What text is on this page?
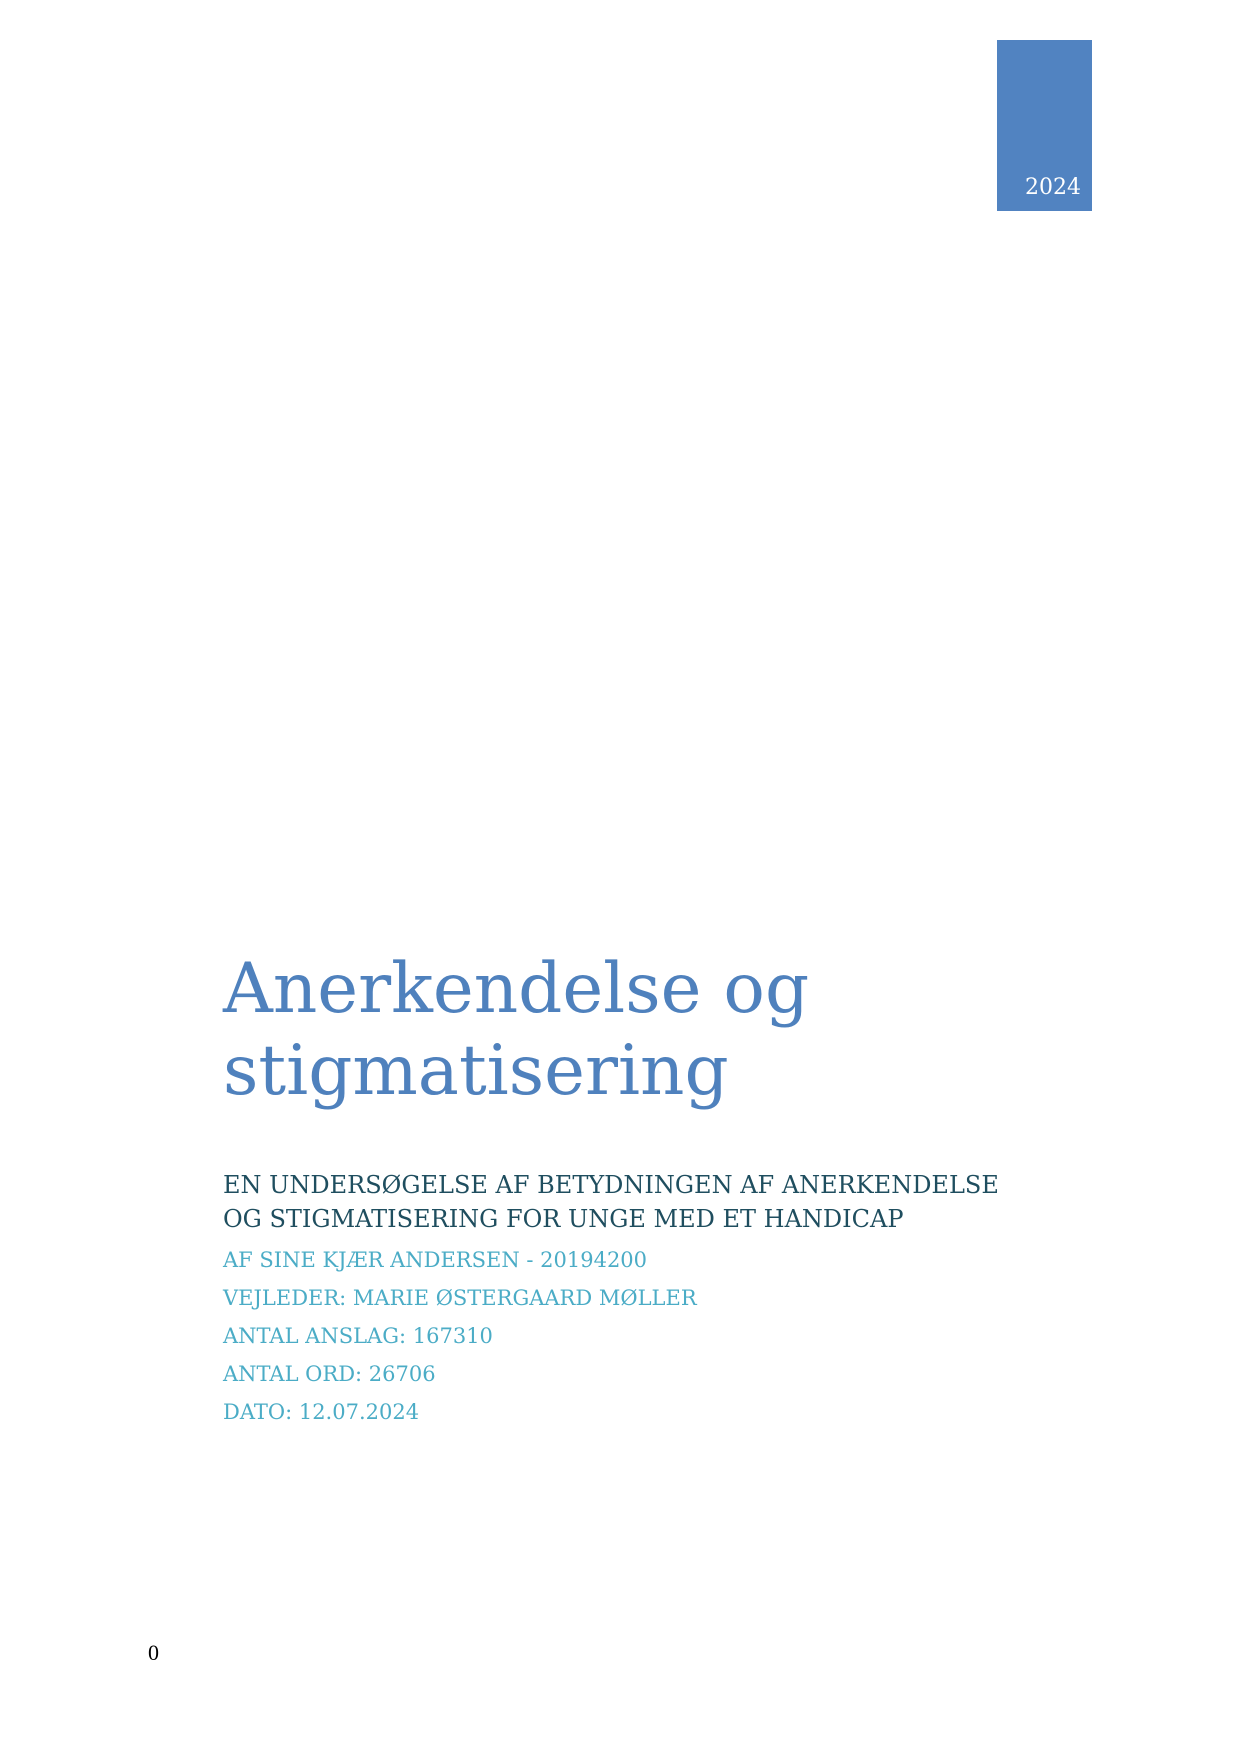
2024
Anerkendelse og
stigmatisering
EN UNDERSØGELSE AF BETYDNINGEN AF ANERKENDELSE
OG STIGMATISERING FOR UNGE MED ET HANDICAP
AF SINE KJÆR ANDERSEN - 20194200
VEJLEDER: MARIE ØSTERGAARD MØLLER
ANTAL ANSLAG: 167310
ANTAL ORD: 26706
DATO: 12.07.2024
0
